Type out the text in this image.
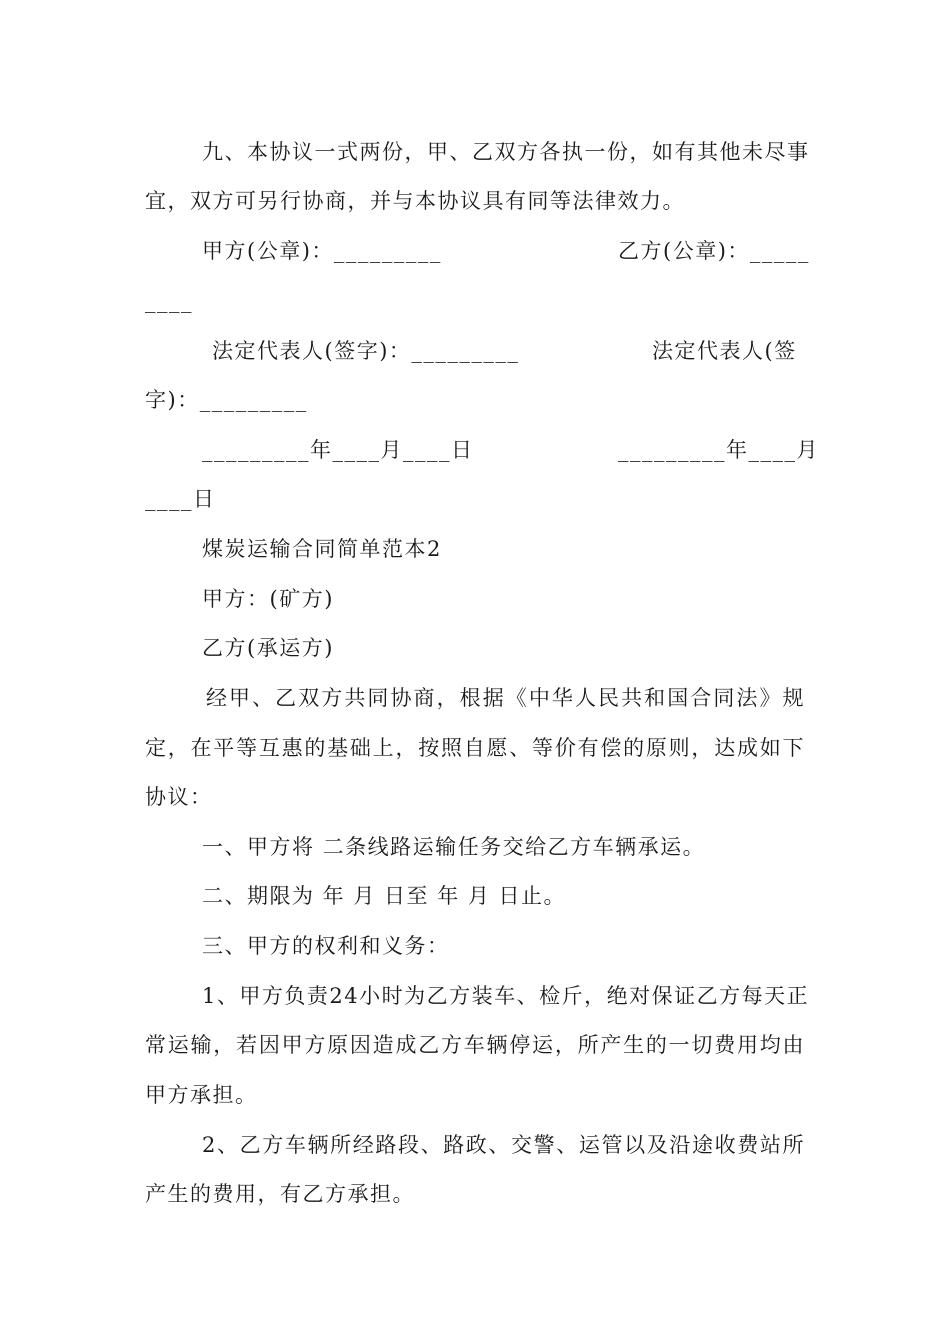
九、本协议一式两份，甲、乙双方各执一份，如有其他未尽事
宜，双方可另行协商，并与本协议具有同等法律效力。
甲方(公章)：_________	乙方(公章)：_____
____
法定代表人(签字)：_________	法定代表人(签
字)：_________
_________年____月____日	_________年____月
____日
煤炭运输合同简单范本2
甲方：(矿方)
乙方(承运方)
经甲、乙双方共同协商，根据《中华人民共和国合同法》规
定，在平等互惠的基础上，按照自愿、等价有偿的原则，达成如下
协议：
一、甲方将 二条线路运输任务交给乙方车辆承运。
二、期限为 年 月 日至 年 月 日止。
三、甲方的权利和义务：
1、甲方负责24小时为乙方装车、检斤，绝对保证乙方每天正
常运输，若因甲方原因造成乙方车辆停运，所产生的一切费用均由
甲方承担。
2、乙方车辆所经路段、路政、交警、运管以及沿途收费站所
产生的费用，有乙方承担。
